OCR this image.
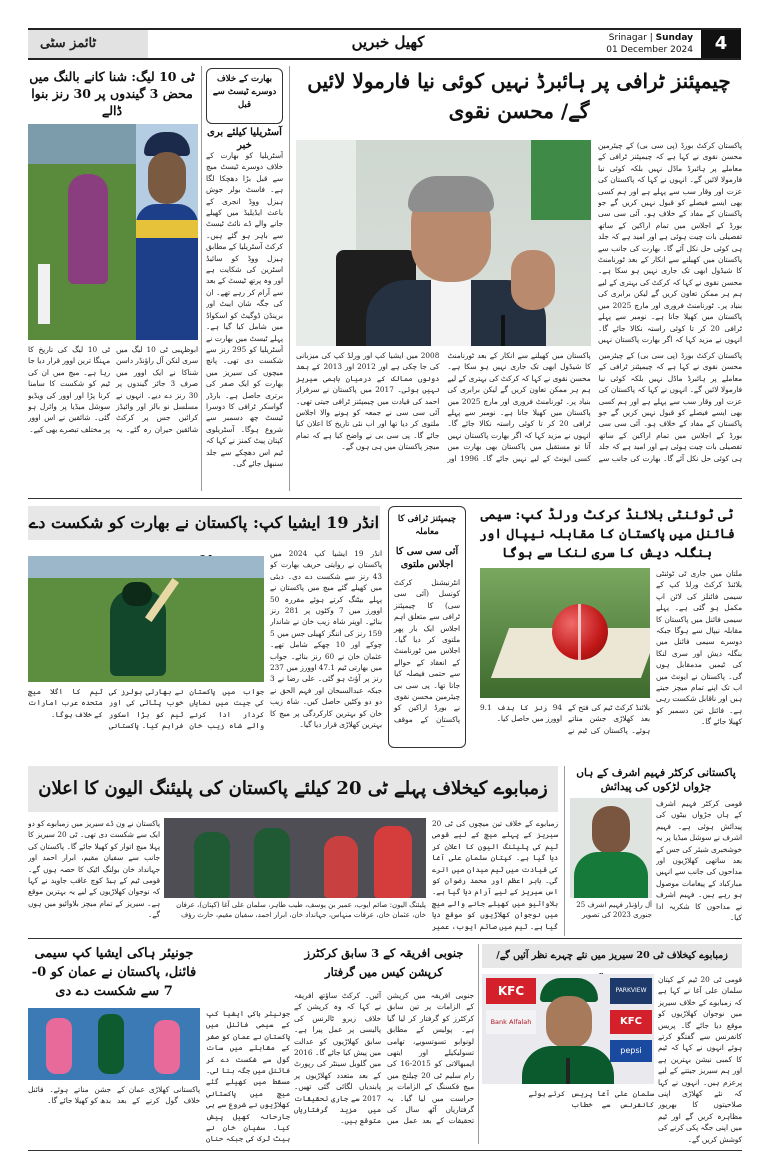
ٹائمز سٹی	کھیل خبریں	Srinagar | Sunday
01 December 2024	4
چیمپئنز ٹرافی پر ہائبرڈ نہیں کوئی نیا فارمولا لائیں گے/ محسن نقوی
پاکستان کرکٹ بورڈ (پی سی بی) کے چیئرمین محسن نقوی نے کہا ہے کہ چیمپئنز ٹرافی کے معاملے پر ہائبرڈ ماڈل نہیں بلکہ کوئی نیا فارمولا لائیں گے۔ انہوں نے کہا کہ پاکستان کی عزت اور وقار سب سے پہلے ہے اور ہم کسی بھی ایسے فیصلے کو قبول نہیں کریں گے جو پاکستان کے مفاد کے خلاف ہو۔ آئی سی سی بورڈ کے اجلاس میں تمام اراکین کے ساتھ تفصیلی بات چیت ہوئی ہے اور امید ہے کہ جلد ہی کوئی حل نکل آئے گا۔ بھارت کی جانب سے پاکستان میں کھیلنے سے انکار کے بعد ٹورنامنٹ کا شیڈول ابھی تک جاری نہیں ہو سکا ہے۔ محسن نقوی نے کہا کہ کرکٹ کی بہتری کے لیے ہم ہر ممکن تعاون کریں گے لیکن برابری کی بنیاد پر۔ ٹورنامنٹ فروری اور مارچ 2025 میں پاکستان میں کھیلا جانا ہے۔ نومبر سے پہلے ٹرافی 20 کر تا کوئی راستہ نکالا جائے گا۔ انہوں نے مزید کہا کہ اگر بھارت پاکستان نہیں
پاکستان کرکٹ بورڈ (پی سی بی) کے چیئرمین محسن نقوی نے کہا ہے کہ چیمپئنز ٹرافی کے معاملے پر ہائبرڈ ماڈل نہیں بلکہ کوئی نیا فارمولا لائیں گے۔ انہوں نے کہا کہ پاکستان کی عزت اور وقار سب سے پہلے ہے اور ہم کسی بھی ایسے فیصلے کو قبول نہیں کریں گے جو پاکستان کے مفاد کے خلاف ہو۔ آئی سی سی بورڈ کے اجلاس میں تمام اراکین کے ساتھ تفصیلی بات چیت ہوئی ہے اور امید ہے کہ جلد ہی کوئی حل نکل آئے گا۔ بھارت کی جانب سے پاکستان میں کھیلنے سے انکار کے بعد ٹورنامنٹ کا شیڈول ابھی تک جاری نہیں ہو سکا ہے۔ محسن نقوی نے کہا کہ کرکٹ کی بہتری کے لیے ہم ہر ممکن تعاون کریں گے لیکن برابری کی بنیاد پر۔ ٹورنامنٹ فروری اور مارچ 2025 میں پاکستان میں کھیلا جانا ہے۔ نومبر سے پہلے ٹرافی 20 کر تا کوئی راستہ نکالا جائے گا۔ انہوں نے مزید کہا کہ اگر بھارت پاکستان نہیں آتا تو مستقبل میں پاکستان بھی بھارت میں کسی ایونٹ کے لیے نہیں جائے گا۔ 1996 اور 2008 میں ایشیا کپ اور ورلڈ کپ کی میزبانی کی جا چکی ہے اور 2012 اور 2013 کے بعد دونوں ممالک کے درمیان باہمی سیریز نہیں ہوئی۔ 2017 میں پاکستان نے سرفراز احمد کی قیادت میں چیمپئنز ٹرافی جیتی تھی۔ آئی سی سی نے جمعہ کو ہونے والا اجلاس ملتوی کر دیا تھا اور اب نئی تاریخ کا اعلان کیا جائے گا۔ پی سی بی نے واضح کیا ہے کہ تمام میچز پاکستان میں ہی ہوں گے۔
بھارت کے خلاف دوسرے ٹیسٹ سے قبل
آسٹریلیا کیلئے بری خبر
آسٹریلیا کو بھارت کے خلاف دوسرے ٹیسٹ میچ سے قبل بڑا دھچکا لگا ہے۔ فاسٹ بولر جوش ہیزل ووڈ انجری کے باعث ایڈیلیڈ میں کھیلے جانے والے ڈے نائٹ ٹیسٹ سے باہر ہو گئے ہیں۔ کرکٹ آسٹریلیا کے مطابق ہیزل ووڈ کو سائیڈ اسٹرین کی شکایت ہے اور وہ پرتھ ٹیسٹ کے بعد سے آرام کر رہے تھے۔ ان کی جگہ شان ایبٹ اور برینڈن ڈوگیٹ کو اسکواڈ میں شامل کیا گیا ہے۔ پہلے ٹیسٹ میں بھارت نے آسٹریلیا کو 295 رنز سے شکست دی تھی۔ پانچ میچوں کی سیریز میں بھارت کو ایک صفر کی برتری حاصل ہے۔ بارڈر گواسکر ٹرافی کا دوسرا ٹیسٹ چھ دسمبر سے شروع ہوگا۔ آسٹریلوی کپتان پیٹ کمنز نے کہا کہ ٹیم اس دھچکے سے جلد سنبھل جائے گی۔
ٹی 10 لیگ: شنا کانے بالنگ میں محض 3 گیندوں پر 30 رنز بنوا ڈالے
ابوظہبی ٹی 10 لیگ میں سری لنکن آل راؤنڈر داسن شناکا نے ایک اوور میں صرف 3 جائز گیندوں پر 30 رنز دے دیے۔ انہوں نے مسلسل نو بالز اور وائیڈز کرائیں جس پر کرکٹ شائقین حیران رہ گئے۔ یہ ٹی 10 لیگ کی تاریخ کا مہنگا ترین اوور قرار دیا جا رہا ہے۔ میچ میں ان کی ٹیم کو شکست کا سامنا کرنا پڑا اور اوور کی ویڈیو سوشل میڈیا پر وائرل ہو گئی۔ شائقین نے اس اوور پر مختلف تبصرے بھی کیے۔
انڈر 19 ایشیا کپ: پاکستان نے بھارت کو شکست دے
انڈر 19 ایشیا کپ 2024 میں پاکستان نے روایتی حریف بھارت کو 43 رنز سے شکست دے دی۔ دبئی میں کھیلے گئے میچ میں پاکستان نے پہلے بیٹنگ کرتے ہوئے مقررہ 50 اوورز میں 7 وکٹوں پر 281 رنز بنائے۔ اوپنر شاہ زیب خان نے شاندار 159 رنز کی اننگز کھیلی جس میں 5 چوکے اور 10 چھکے شامل تھے۔ عثمان خان نے 60 رنز بنائے۔ جواب میں بھارتی ٹیم 47.1 اوورز میں 237 رنز پر آؤٹ ہو گئی۔ علی رضا نے 3 جبکہ عبدالسبحان اور فہم الحق نے دو دو وکٹیں حاصل کیں۔ شاہ زیب خان کو بہترین کارکردگی پر میچ کا بہترین کھلاڑی قرار دیا گیا۔
جواب میں پاکستان کی جیت میں نمایاں کردار ادا کرنے والے شاہ زیب خان نے بھارتی بولرز کی خوب پٹائی کی اور ٹیم کو بڑا اسکور فراہم کیا۔ پاکستانی ٹیم کا اگلا میچ متحدہ عرب امارات کے خلاف ہوگا۔
چیمپئنز ٹرافی کا معاملہ
آئی سی سی کا اجلاس ملتوی
انٹرنیشنل کرکٹ کونسل (آئی سی سی) کا چیمپئنز ٹرافی سے متعلق اہم اجلاس ایک بار پھر ملتوی کر دیا گیا۔ اجلاس میں ٹورنامنٹ کے انعقاد کے حوالے سے حتمی فیصلہ کیا جانا تھا۔ پی سی بی چیئرمین محسن نقوی نے بورڈ اراکین کو پاکستان کے موقف
ٹی ٹوئنٹی بلائنڈ کرکٹ ورلڈ کپ: سیمی فائنل میں پاکستان کا مقابلہ نیپال اور بنگلہ دیش کا سری لنکا سے ہوگا
ملتان میں جاری ٹی ٹوئنٹی بلائنڈ کرکٹ ورلڈ کپ کے سیمی فائنلز کی لائن اپ مکمل ہو گئی ہے۔ پہلے سیمی فائنل میں پاکستان کا مقابلہ نیپال سے ہوگا جبکہ دوسرے سیمی فائنل میں بنگلہ دیش اور سری لنکا کی ٹیمیں مدمقابل ہوں گی۔ پاکستان نے ایونٹ میں اب تک اپنے تمام میچز جیتے ہیں اور ناقابل شکست رہی ہے۔ فائنل تین دسمبر کو کھیلا جائے گا۔
بلائنڈ کرکٹ ٹیم کی فتح کے بعد کھلاڑی جشن مناتے ہوئے۔ پاکستان کی ٹیم نے 94 رنز کا ہدف 9.1 اوورز میں حاصل کیا۔
زمبابوے کیخلاف پہلے ٹی 20 کیلئے پاکستان کی پلیئنگ الیون کا اعلان
زمبابوے کے خلاف تین میچوں کی ٹی 20 سیریز کے پہلے میچ کے لیے قومی ٹیم کی پلیئنگ الیون کا اعلان کر دیا گیا ہے۔ کپتان سلمان علی آغا کی قیادت میں ٹیم میدان میں اترے گی۔ بابر اعظم اور محمد رضوان کو اس سیریز کے لیے آرام دیا گیا ہے۔ بلاوائیو میں کھیلے جانے والے میچ میں نوجوان کھلاڑیوں کو موقع دیا گیا ہے۔ ٹیم میں صائم ایوب، عمیر
پلیئنگ الیون: صائم ایوب، عمیر بن یوسف، طیب طاہر، سلمان علی آغا (کپتان)، عرفان خان، عثمان خان، عرفات منہاس، جہانداد خان، ابرار احمد، سفیان مقیم، حارث رؤف
پاکستان نے ون ڈے سیریز میں زمبابوے کو دو ایک سے شکست دی تھی۔ ٹی 20 سیریز کا پہلا میچ اتوار کو کھیلا جائے گا۔ پاکستان کی جانب سے سفیان مقیم، ابرار احمد اور جہانداد خان بولنگ اٹیک کا حصہ ہوں گے۔ قومی ٹیم کے ہیڈ کوچ عاقب جاوید نے کہا کہ نوجوان کھلاڑیوں کے لیے یہ بہترین موقع ہے۔ سیریز کے تمام میچز بلاوائیو میں ہوں گے۔
پاکستانی کرکٹر فہیم اشرف کے ہاں جڑواں لڑکوں کی پیدائش
قومی کرکٹر فہیم اشرف کے ہاں جڑواں بیٹوں کی پیدائش ہوئی ہے۔ فہیم اشرف نے سوشل میڈیا پر یہ خوشخبری شیئر کی جس کے بعد ساتھی کھلاڑیوں اور مداحوں کی جانب سے انہیں مبارکباد کے پیغامات موصول ہو رہے ہیں۔ فہیم اشرف نے مداحوں کا شکریہ ادا کیا۔
آل راؤنڈر فہیم اشرف 25 جنوری 2023 کی تصویر
جونیئر ہاکی ایشیا کپ سیمی فائنل، پاکستان نے عمان کو 0-7 سے شکست دے دی
جونیئر ہاکی ایشیا کپ کے سیمی فائنل میں پاکستان نے عمان کو صفر کے مقابلے میں سات گول سے شکست دے کر فائنل میں جگہ بنا لی۔ مسقط میں کھیلے گئے میچ میں پاکستانی کھلاڑیوں نے شروع سے ہی جارحانہ کھیل پیش کیا۔ سفیان خان نے ہیٹ ٹرک کی جبکہ حنان
پاکستانی کھلاڑی عمان کے خلاف گول کرنے کے بعد جشن مناتے ہوئے۔ فائنل بدھ کو کھیلا جائے گا۔
جنوبی افریقہ کے 3 سابق کرکٹرز کرپشن کیس میں گرفتار
جنوبی افریقہ میں کرپشن کے الزامات پر تین سابق کرکٹرز کو گرفتار کر لیا گیا ہے۔ پولیس کے مطابق لونوابو تسوتسوبے، تھامی تسولیکیلے اور ایتھی ایمبھالاتی کو 2015-16 کی رام سلیم ٹی 20 چیلنج میں میچ فکسنگ کے الزامات پر حراست میں لیا گیا۔ یہ گرفتاریاں آٹھ سال کی تحقیقات کے بعد عمل میں آئیں۔ کرکٹ ساؤتھ افریقہ نے کہا کہ وہ کرپشن کے خلاف زیرو ٹالرنس کی پالیسی پر عمل پیرا ہے۔ سابق کھلاڑیوں کو عدالت میں پیش کیا جائے گا۔ 2016 میں گلوبل سینٹر کی رپورٹ کے بعد متعدد کھلاڑیوں پر پابندیاں لگائی گئی تھیں۔ 2017 سے جاری تحقیقات میں مزید گرفتاریاں متوقع ہیں۔
زمبابوے کیخلاف ٹی 20 سیریز میں نئے چہرے نظر آئیں گے/
KFC	PARKVIEW
Bank Alfalah	KFC
pepsi
قومی ٹی 20 ٹیم کے کپتان سلمان علی آغا نے کہا ہے کہ زمبابوے کے خلاف سیریز میں نوجوان کھلاڑیوں کو موقع دیا جائے گا۔ پریس کانفرنس سے گفتگو کرتے ہوئے انہوں نے کہا کہ ٹیم کا کمبی نیشن بہترین ہے اور ہم سیریز جیتنے کے لیے پرعزم ہیں۔ انہوں نے کہا کہ نئے کھلاڑی اپنی صلاحیتوں کا بھرپور مظاہرہ کریں گے اور ٹیم میں اپنی جگہ پکی کرنے کی کوشش کریں گے۔
سلمان علی آغا پریس کانفرنس سے خطاب کرتے ہوئے
